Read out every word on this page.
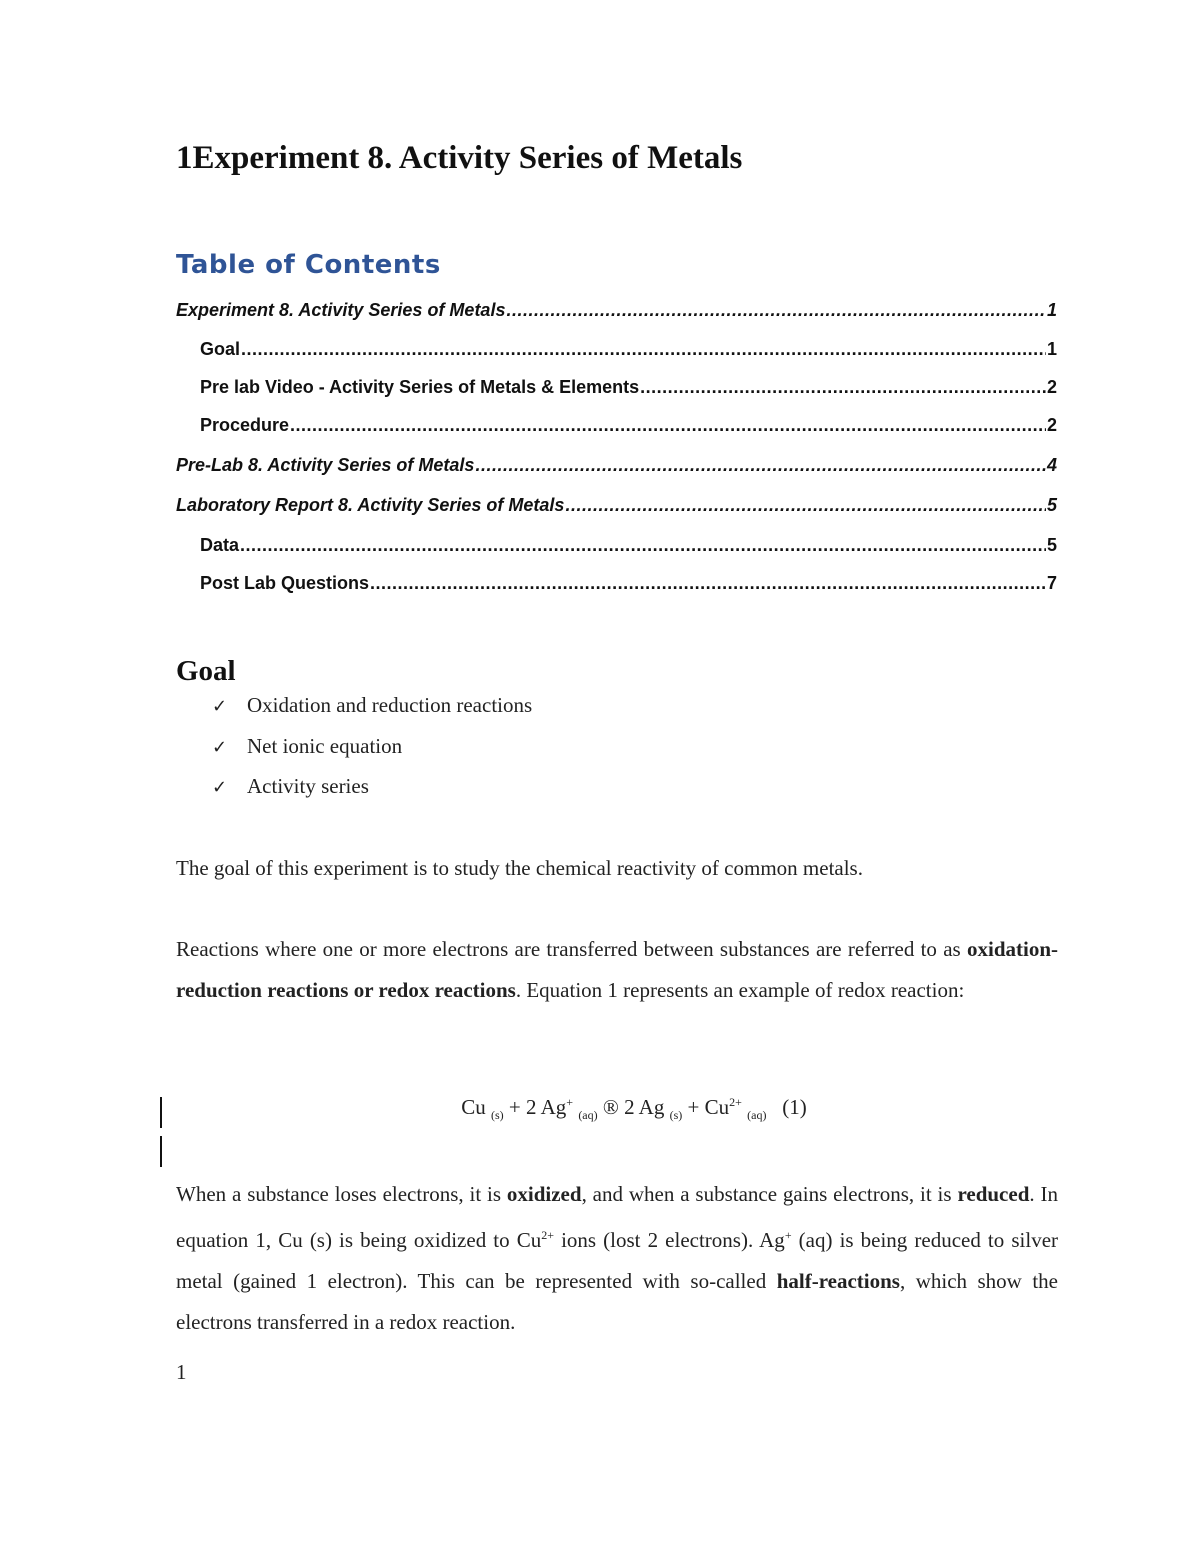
1Experiment 8. Activity Series of Metals
Table of Contents
Experiment 8. Activity Series of Metals .....	1
Goal .....	1
Pre lab Video - Activity Series of Metals & Elements .....	2
Procedure .....	2
Pre-Lab 8. Activity Series of Metals .....	4
Laboratory Report 8. Activity Series of Metals .....	5
Data .....	5
Post Lab Questions .....	7
Goal
✓ Oxidation and reduction reactions
✓ Net ionic equation
✓ Activity series

The goal of this experiment is to study the chemical reactivity of common metals.

Reactions where one or more electrons are transferred between substances are referred to as oxidation-reduction reactions or redox reactions. Equation 1 represents an example of redox reaction:

Cu $_{(s)}$ + 2 Ag+ $_{(aq)}$ ® 2 Ag $_{(s)} + Cu^{2+}$ $_{(aq)}$ (1)

When a substance loses electrons, it is oxidized, and when a substance gains electrons, it is reduced. In equation 1, Cu (s) is being oxidized to $Cu^{2+}$ ions (lost 2 electrons). Ag+ (aq) is being reduced to silver metal (gained 1 electron). This can be represented with so-called half-reactions, which show the electrons transferred in a redox reaction.

1
